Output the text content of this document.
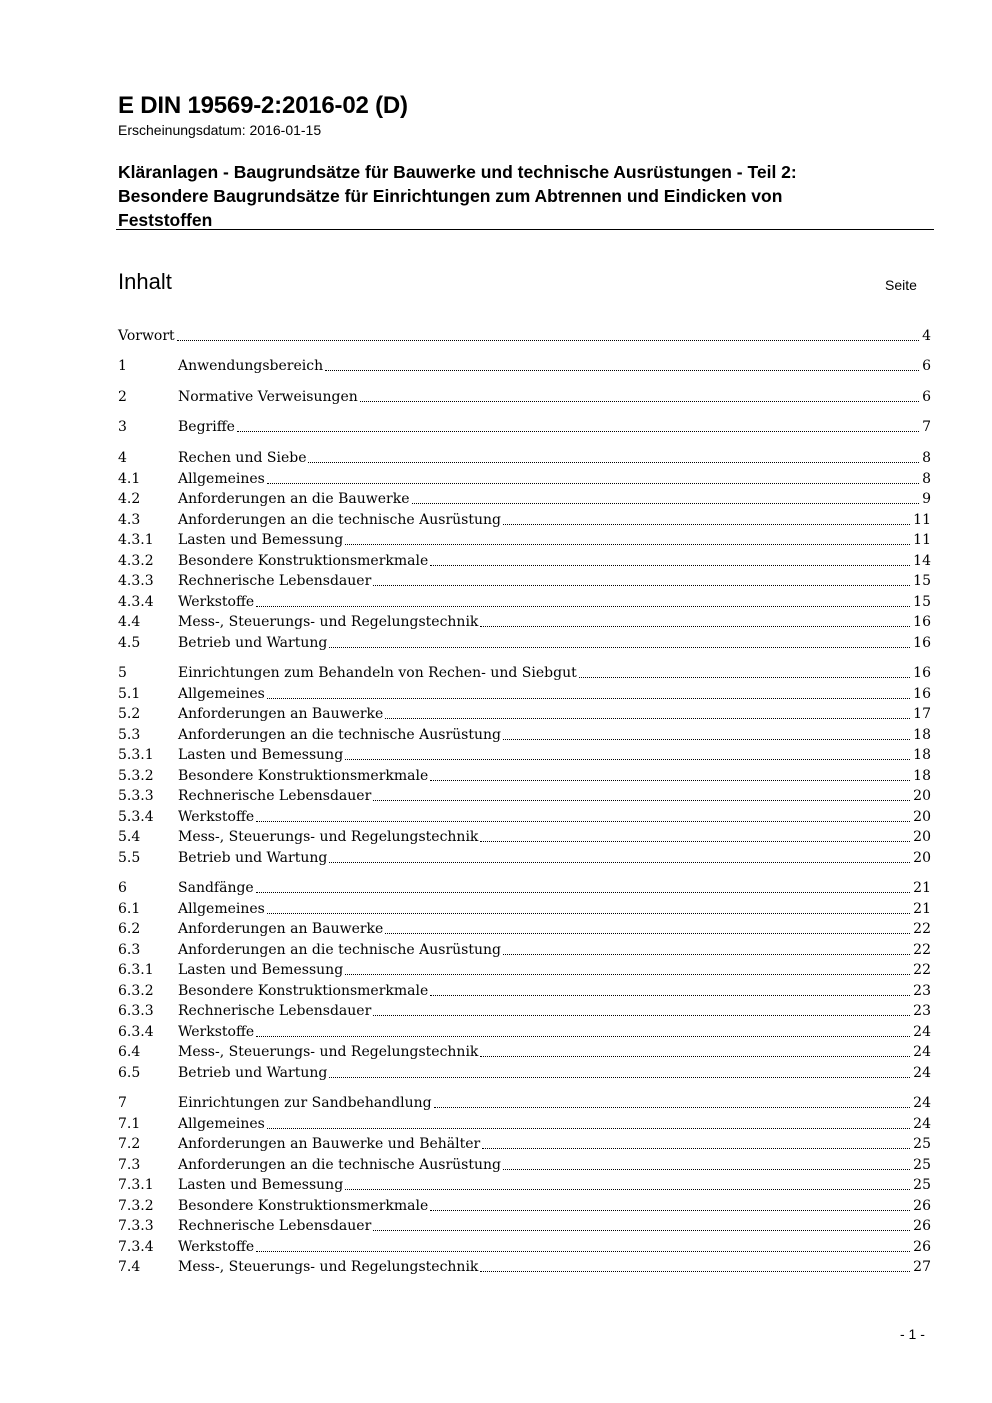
E DIN 19569-2:2016-02 (D)
Erscheinungsdatum: 2016-01-15
Kläranlagen - Baugrundsätze für Bauwerke und technische Ausrüstungen - Teil 2:
Besondere Baugrundsätze für Einrichtungen zum Abtrennen und Eindicken von
Feststoffen
Inhalt	Seite
Vorwort	4
1	Anwendungsbereich	6
2	Normative Verweisungen	6
3	Begriffe	7
4	Rechen und Siebe	8
4.1	Allgemeines	8
4.2	Anforderungen an die Bauwerke	9
4.3	Anforderungen an die technische Ausrüstung	11
4.3.1	Lasten und Bemessung	11
4.3.2	Besondere Konstruktionsmerkmale	14
4.3.3	Rechnerische Lebensdauer	15
4.3.4	Werkstoffe	15
4.4	Mess-, Steuerungs- und Regelungstechnik	16
4.5	Betrieb und Wartung	16
5	Einrichtungen zum Behandeln von Rechen- und Siebgut	16
5.1	Allgemeines	16
5.2	Anforderungen an Bauwerke	17
5.3	Anforderungen an die technische Ausrüstung	18
5.3.1	Lasten und Bemessung	18
5.3.2	Besondere Konstruktionsmerkmale	18
5.3.3	Rechnerische Lebensdauer	20
5.3.4	Werkstoffe	20
5.4	Mess-, Steuerungs- und Regelungstechnik	20
5.5	Betrieb und Wartung	20
6	Sandfänge	21
6.1	Allgemeines	21
6.2	Anforderungen an Bauwerke	22
6.3	Anforderungen an die technische Ausrüstung	22
6.3.1	Lasten und Bemessung	22
6.3.2	Besondere Konstruktionsmerkmale	23
6.3.3	Rechnerische Lebensdauer	23
6.3.4	Werkstoffe	24
6.4	Mess-, Steuerungs- und Regelungstechnik	24
6.5	Betrieb und Wartung	24
7	Einrichtungen zur Sandbehandlung	24
7.1	Allgemeines	24
7.2	Anforderungen an Bauwerke und Behälter	25
7.3	Anforderungen an die technische Ausrüstung	25
7.3.1	Lasten und Bemessung	25
7.3.2	Besondere Konstruktionsmerkmale	26
7.3.3	Rechnerische Lebensdauer	26
7.3.4	Werkstoffe	26
7.4	Mess-, Steuerungs- und Regelungstechnik	27
- 1 -
